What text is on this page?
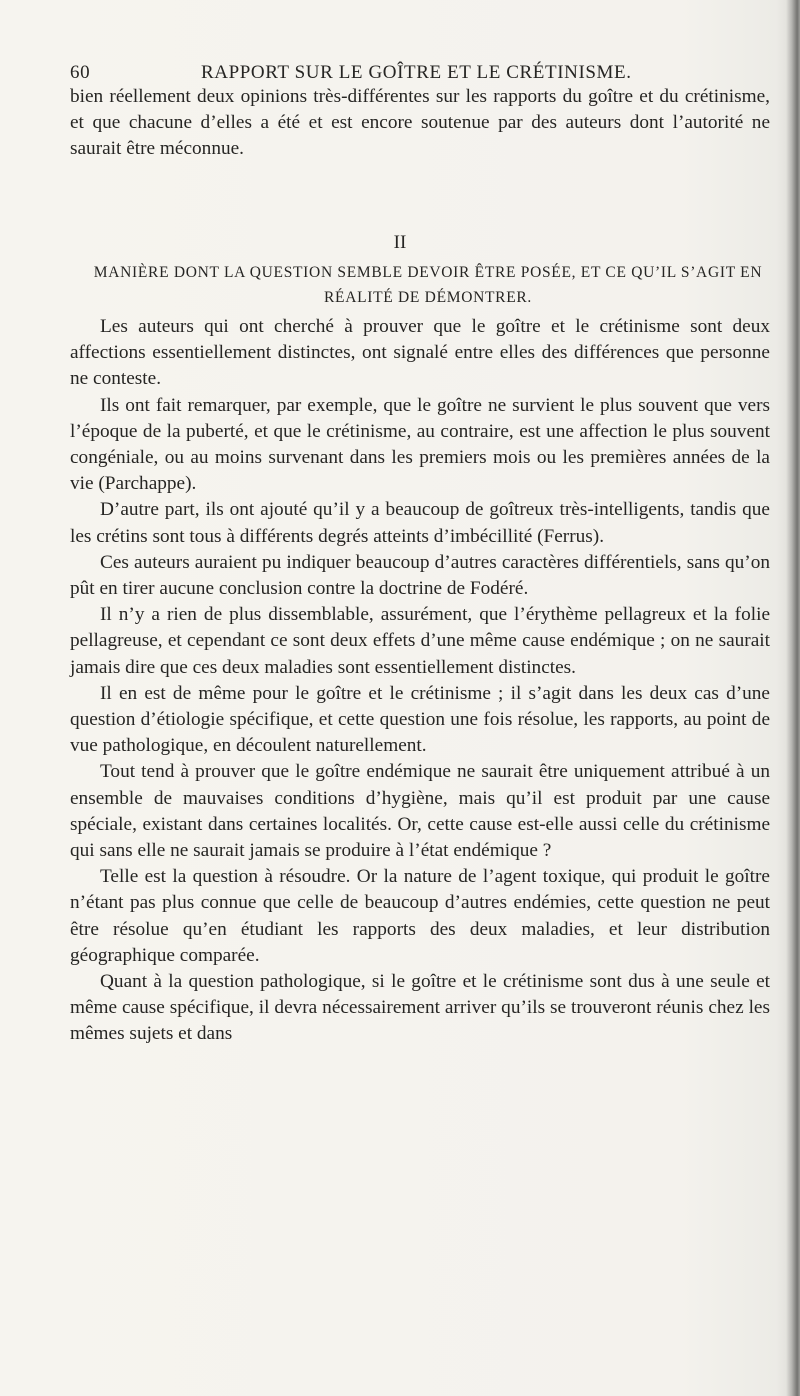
60	RAPPORT SUR LE GOÎTRE ET LE CRÉTINISME.

bien réellement deux opinions très-différentes sur les rapports du goître et du crétinisme, et que chacune d’elles a été et est encore soutenue par des auteurs dont l’autorité ne saurait être méconnue.

II
MANIÈRE DONT LA QUESTION SEMBLE DEVOIR ÊTRE POSÉE, ET CE QU’IL S’AGIT EN RÉALITÉ DE DÉMONTRER.

Les auteurs qui ont cherché à prouver que le goître et le crétinisme sont deux affections essentiellement distinctes, ont signalé entre elles des différences que personne ne conteste.

Ils ont fait remarquer, par exemple, que le goître ne survient le plus souvent que vers l’époque de la puberté, et que le crétinisme, au contraire, est une affection le plus souvent congéniale, ou au moins survenant dans les premiers mois ou les premières années de la vie (Parchappe).

D’autre part, ils ont ajouté qu’il y a beaucoup de goîtreux très-intelligents, tandis que les crétins sont tous à différents degrés atteints d’imbécillité (Ferrus).

Ces auteurs auraient pu indiquer beaucoup d’autres caractères différentiels, sans qu’on pût en tirer aucune conclusion contre la doctrine de Fodéré.

Il n’y a rien de plus dissemblable, assurément, que l’érythème pellagreux et la folie pellagreuse, et cependant ce sont deux effets d’une même cause endémique ; on ne saurait jamais dire que ces deux maladies sont essentiellement distinctes.

Il en est de même pour le goître et le crétinisme ; il s’agit dans les deux cas d’une question d’étiologie spécifique, et cette question une fois résolue, les rapports, au point de vue pathologique, en découlent naturellement.

Tout tend à prouver que le goître endémique ne saurait être uniquement attribué à un ensemble de mauvaises conditions d’hygiène, mais qu’il est produit par une cause spéciale, existant dans certaines localités. Or, cette cause est-elle aussi celle du crétinisme qui sans elle ne saurait jamais se produire à l’état endémique ?

Telle est la question à résoudre. Or la nature de l’agent toxique, qui produit le goître n’étant pas plus connue que celle de beaucoup d’autres endémies, cette question ne peut être résolue qu’en étudiant les rapports des deux maladies, et leur distribution géographique comparée.

Quant à la question pathologique, si le goître et le crétinisme sont dus à une seule et même cause spécifique, il devra nécessairement arriver qu’ils se trouveront réunis chez les mêmes sujets et dans
